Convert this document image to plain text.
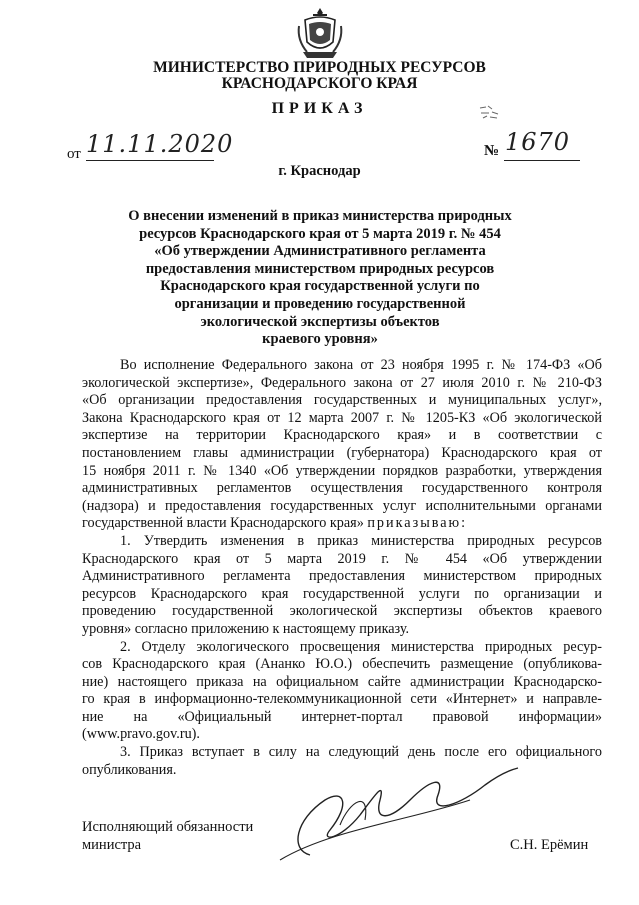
МИНИСТЕРСТВО ПРИРОДНЫХ РЕСУРСОВ
КРАСНОДАРСКОГО КРАЯ
ПРИКАЗ
от 11.11.2020	№ 1670
г. Краснодар
О внесении изменений в приказ министерства природных
ресурсов Краснодарского края от 5 марта 2019 г. № 454
«Об утверждении Административного регламента
предоставления министерством природных ресурсов
Краснодарского края государственной услуги по
организации и проведению государственной
экологической экспертизы объектов
краевого уровня»
Во исполнение Федерального закона от 23 ноября 1995 г. № 174-ФЗ «Об
экологической экспертизе», Федерального закона от 27 июля 2010 г. № 210-ФЗ
«Об организации предоставления государственных и муниципальных услуг»,
Закона Краснодарского края от 12 марта 2007 г. № 1205-КЗ «Об экологической
экспертизе на территории Краснодарского края» и в соответствии с
постановлением главы администрации (губернатора) Краснодарского края от
15 ноября 2011 г. № 1340 «Об утверждении порядков разработки, утверждения
административных регламентов осуществления государственного контроля
(надзора) и предоставления государственных услуг исполнительными органами
государственной власти Краснодарского края» приказываю:
1. Утвердить изменения в приказ министерства природных ресурсов
Краснодарского края от 5 марта 2019 г. № 454 «Об утверждении
Административного регламента предоставления министерством природных
ресурсов Краснодарского края государственной услуги по организации и
проведению государственной экологической экспертизы объектов краевого
уровня» согласно приложению к настоящему приказу.
2. Отделу экологического просвещения министерства природных ресур-
сов Краснодарского края (Ананко Ю.О.) обеспечить размещение (опубликова-
ние) настоящего приказа на официальном сайте администрации Краснодарско-
го края в информационно-телекоммуникационной сети «Интернет» и направле-
ние на «Официальный интернет-портал правовой информации»
(www.pravo.gov.ru).
3. Приказ вступает в силу на следующий день после его официального
опубликования.
Исполняющий обязанности
министра	С.Н. Ерёмин
